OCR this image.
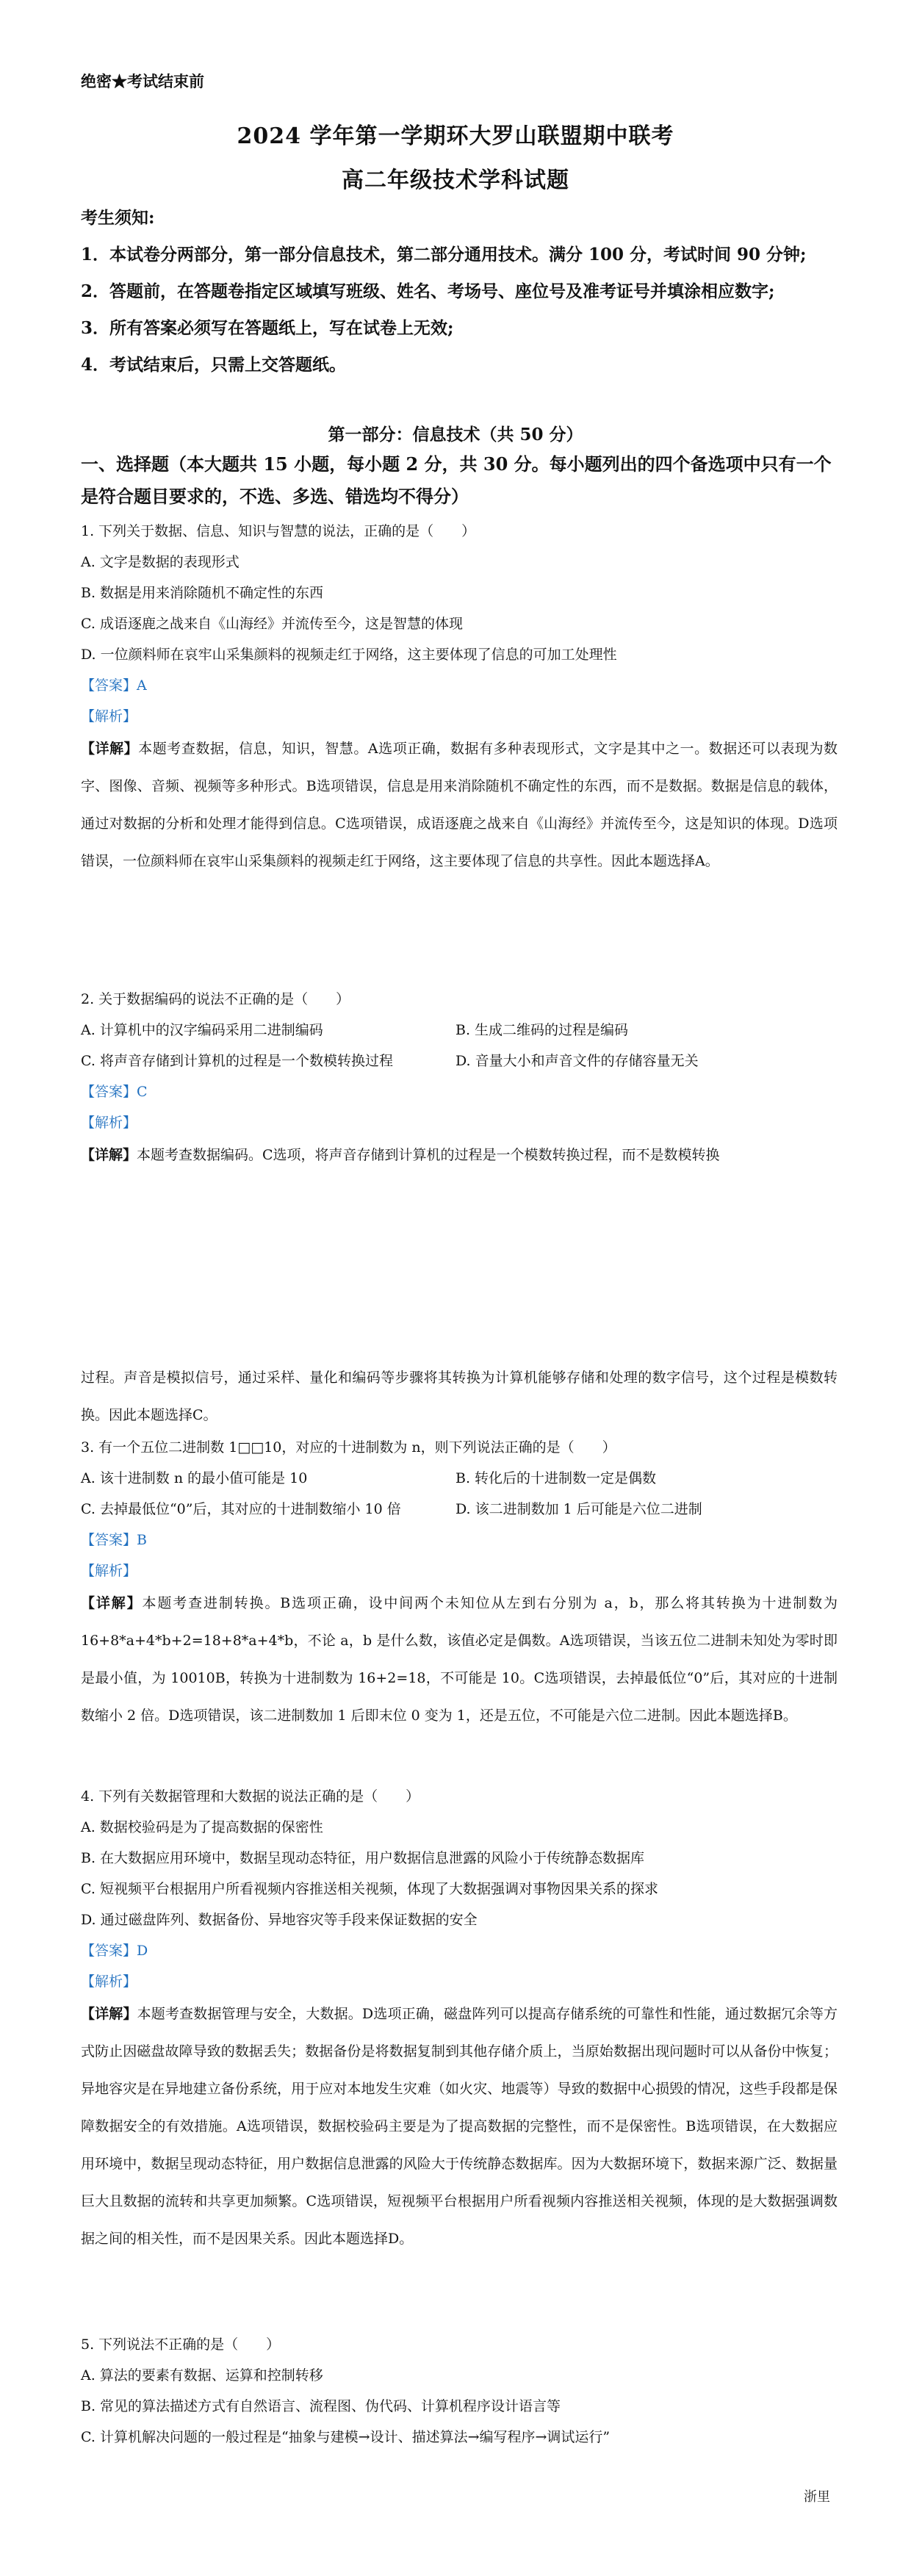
绝密★考试结束前
2024 学年第一学期环大罗山联盟期中联考
高二年级技术学科试题
考生须知:
1．本试卷分两部分，第一部分信息技术，第二部分通用技术。满分 100 分，考试时间 90 分钟;
2．答题前，在答题卷指定区域填写班级、姓名、考场号、座位号及准考证号并填涂相应数字;
3．所有答案必须写在答题纸上，写在试卷上无效;
4．考试结束后，只需上交答题纸。
第一部分：信息技术（共 50 分）
一、选择题（本大题共 15 小题，每小题 2 分，共 30 分。每小题列出的四个备选项中只有一个是符合题目要求的，不选、多选、错选均不得分）
1. 下列关于数据、信息、知识与智慧的说法，正确的是（　　）
A. 文字是数据的表现形式
B. 数据是用来消除随机不确定性的东西
C. 成语逐鹿之战来自《山海经》并流传至今，这是智慧的体现
D. 一位颜料师在哀牢山采集颜料的视频走红于网络，这主要体现了信息的可加工处理性
【答案】A
【解析】
【详解】本题考查数据，信息，知识，智慧。A选项正确，数据有多种表现形式，文字是其中之一。数据还可以表现为数字、图像、音频、视频等多种形式。B选项错误，信息是用来消除随机不确定性的东西，而不是数据。数据是信息的载体，通过对数据的分析和处理才能得到信息。C选项错误，成语逐鹿之战来自《山海经》并流传至今，这是知识的体现。D选项错误，一位颜料师在哀牢山采集颜料的视频走红于网络，这主要体现了信息的共享性。因此本题选择A。
2. 关于数据编码的说法不正确的是（　　）
A. 计算机中的汉字编码采用二进制编码	B. 生成二维码的过程是编码
C. 将声音存储到计算机的过程是一个数模转换过程	D. 音量大小和声音文件的存储容量无关
【答案】C
【解析】
【详解】本题考查数据编码。C选项，将声音存储到计算机的过程是一个模数转换过程，而不是数模转换
过程。声音是模拟信号，通过采样、量化和编码等步骤将其转换为计算机能够存储和处理的数字信号，这个过程是模数转换。因此本题选择C。
3. 有一个五位二进制数 1□□10，对应的十进制数为 n，则下列说法正确的是（　　）
A. 该十进制数 n 的最小值可能是 10	B. 转化后的十进制数一定是偶数
C. 去掉最低位“0”后，其对应的十进制数缩小 10 倍	D. 该二进制数加 1 后可能是六位二进制
【答案】B
【解析】
【详解】本题考查进制转换。B选项正确，设中间两个未知位从左到右分别为 a，b，那么将其转换为十进制数为 16+8*a+4*b+2=18+8*a+4*b，不论 a，b 是什么数，该值必定是偶数。A选项错误，当该五位二进制未知处为零时即是最小值，为 10010B，转换为十进制数为 16+2=18，不可能是 10。C选项错误，去掉最低位“0”后，其对应的十进制数缩小 2 倍。D选项错误，该二进制数加 1 后即末位 0 变为 1，还是五位，不可能是六位二进制。因此本题选择B。
4. 下列有关数据管理和大数据的说法正确的是（　　）
A. 数据校验码是为了提高数据的保密性
B. 在大数据应用环境中，数据呈现动态特征，用户数据信息泄露的风险小于传统静态数据库
C. 短视频平台根据用户所看视频内容推送相关视频，体现了大数据强调对事物因果关系的探求
D. 通过磁盘阵列、数据备份、异地容灾等手段来保证数据的安全
【答案】D
【解析】
【详解】本题考查数据管理与安全，大数据。D选项正确，磁盘阵列可以提高存储系统的可靠性和性能，通过数据冗余等方式防止因磁盘故障导致的数据丢失；数据备份是将数据复制到其他存储介质上，当原始数据出现问题时可以从备份中恢复；异地容灾是在异地建立备份系统，用于应对本地发生灾难（如火灾、地震等）导致的数据中心损毁的情况，这些手段都是保障数据安全的有效措施。A选项错误，数据校验码主要是为了提高数据的完整性，而不是保密性。B选项错误，在大数据应用环境中，数据呈现动态特征，用户数据信息泄露的风险大于传统静态数据库。因为大数据环境下，数据来源广泛、数据量巨大且数据的流转和共享更加频繁。C选项错误，短视频平台根据用户所看视频内容推送相关视频，体现的是大数据强调数据之间的相关性，而不是因果关系。因此本题选择D。
5. 下列说法不正确的是（　　）
A. 算法的要素有数据、运算和控制转移
B. 常见的算法描述方式有自然语言、流程图、伪代码、计算机程序设计语言等
C. 计算机解决问题的一般过程是“抽象与建模→设计、描述算法→编写程序→调试运行”
浙里
